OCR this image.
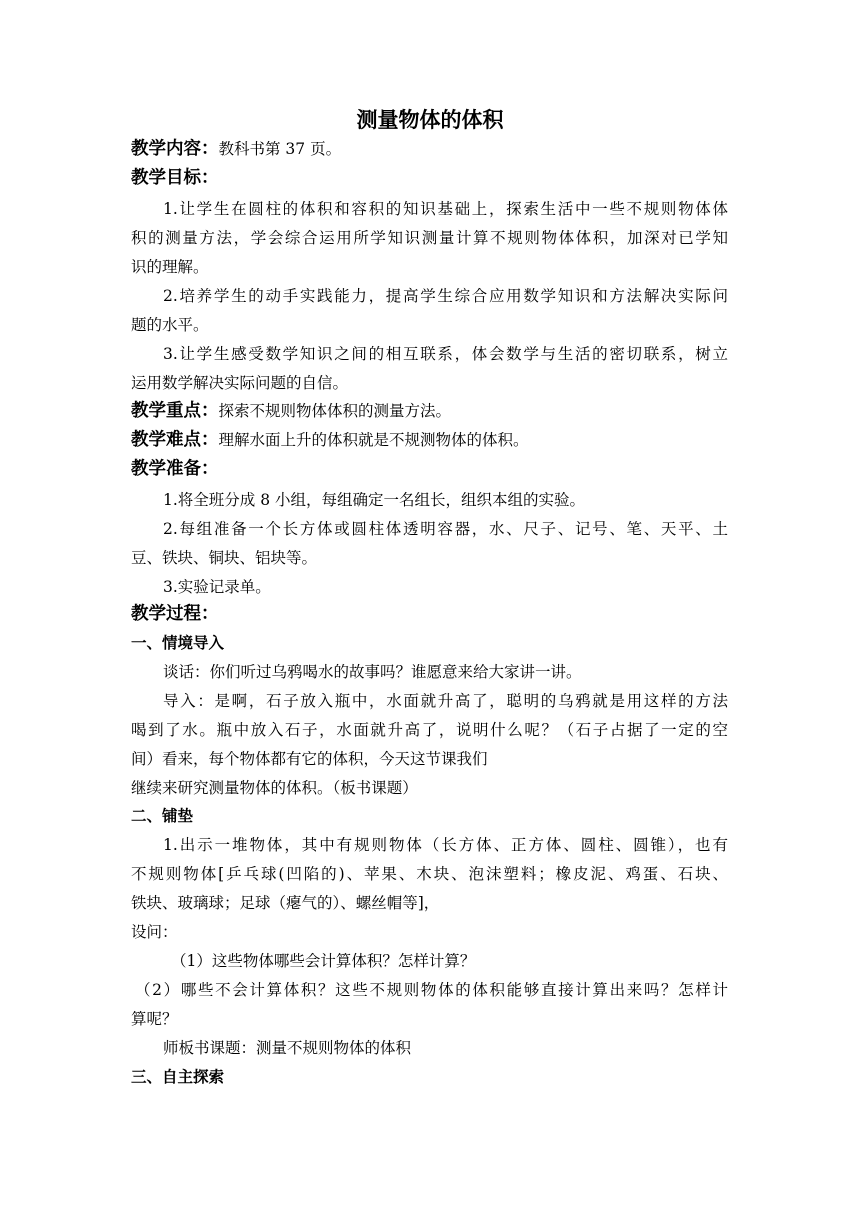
测量物体的体积
教学内容：教科书第 37 页。
教学目标：
1.让学生在圆柱的体积和容积的知识基础上，探索生活中一些不规则物体体
积的测量方法，学会综合运用所学知识测量计算不规则物体体积，加深对已学知
识的理解。
2.培养学生的动手实践能力，提高学生综合应用数学知识和方法解决实际问
题的水平。
3.让学生感受数学知识之间的相互联系，体会数学与生活的密切联系，树立
运用数学解决实际问题的自信。
教学重点：探索不规则物体体积的测量方法。
教学难点：理解水面上升的体积就是不规测物体的体积。
教学准备：
1.将全班分成 8 小组，每组确定一名组长，组织本组的实验。
2.每组准备一个长方体或圆柱体透明容器，水、尺子、记号、笔、天平、土
豆、铁块、铜块、铝块等。
3.实验记录单。
教学过程：
一、情境导入
谈话：你们听过乌鸦喝水的故事吗？谁愿意来给大家讲一讲。
导入：是啊，石子放入瓶中，水面就升高了，聪明的乌鸦就是用这样的方法
喝到了水。瓶中放入石子，水面就升高了，说明什么呢？（石子占据了一定的空
间）看来，每个物体都有它的体积，今天这节课我们
继续来研究测量物体的体积。（板书课题）
二、铺垫
1.出示一堆物体，其中有规则物体（长方体、正方体、圆柱、圆锥），也有
不规则物体[乒乓球(凹陷的)、苹果、木块、泡沫塑料；橡皮泥、鸡蛋、石块、
铁块、玻璃球；足球（瘪气的）、螺丝帽等]，
设问：
（1）这些物体哪些会计算体积？怎样计算？
（2）哪些不会计算体积？这些不规则物体的体积能够直接计算出来吗？怎样计
算呢？
师板书课题：测量不规则物体的体积
三、自主探索
